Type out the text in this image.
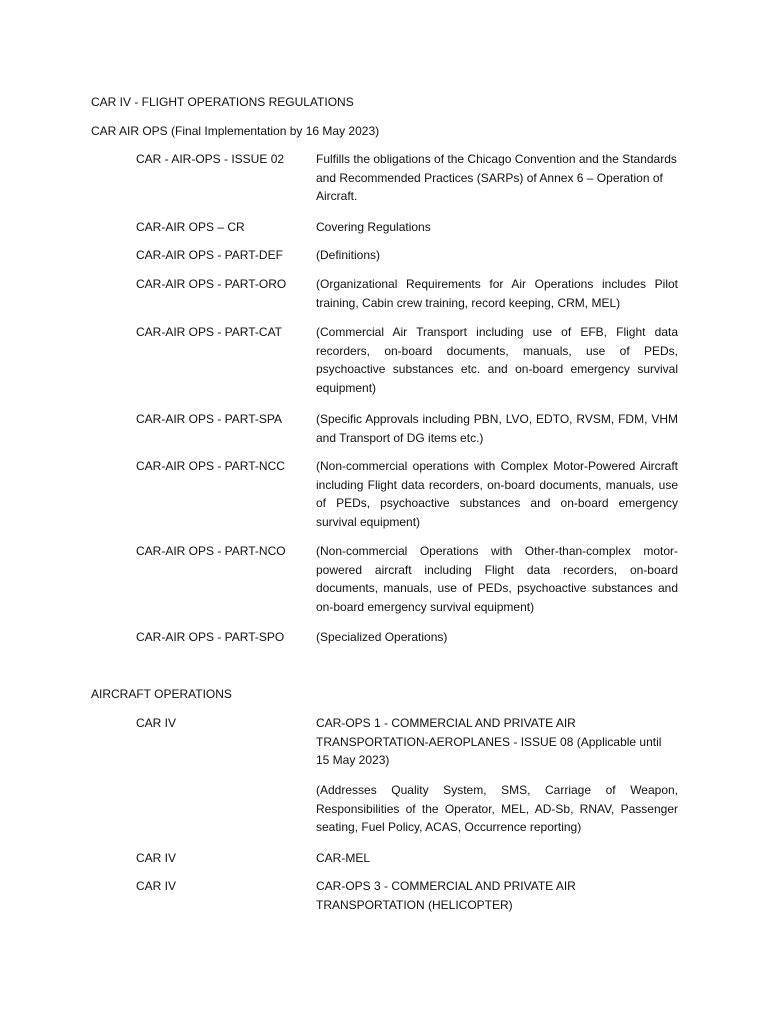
CAR IV - FLIGHT OPERATIONS REGULATIONS
CAR AIR OPS (Final Implementation by 16 May 2023)
CAR - AIR-OPS - ISSUE 02	Fulfills the obligations of the Chicago Convention and the Standards and Recommended Practices (SARPs) of Annex 6 – Operation of Aircraft.
CAR-AIR OPS – CR	Covering Regulations
CAR-AIR OPS - PART-DEF	(Definitions)
CAR-AIR OPS - PART-ORO (Organizational Requirements for Air Operations includes Pilot training, Cabin crew training, record keeping, CRM, MEL)
CAR-AIR OPS - PART-CAT	(Commercial Air Transport including use of EFB, Flight data recorders, on-board documents, manuals, use of PEDs, psychoactive substances etc. and on-board emergency survival equipment)
CAR-AIR OPS - PART-SPA	(Specific Approvals including PBN, LVO, EDTO, RVSM, FDM, VHM and Transport of DG items etc.)
CAR-AIR OPS - PART-NCC	(Non-commercial operations with Complex Motor-Powered Aircraft including Flight data recorders, on-board documents, manuals, use of PEDs, psychoactive substances and on-board emergency survival equipment)
CAR-AIR OPS - PART-NCO	(Non-commercial Operations with Other-than-complex motor-powered aircraft including Flight data recorders, on-board documents, manuals, use of PEDs, psychoactive substances and on-board emergency survival equipment)
CAR-AIR OPS - PART-SPO	(Specialized Operations)
AIRCRAFT OPERATIONS
CAR IV	CAR-OPS 1 - COMMERCIAL AND PRIVATE AIR TRANSPORTATION-AEROPLANES - ISSUE 08 (Applicable until 15 May 2023)
(Addresses Quality System, SMS, Carriage of Weapon, Responsibilities of the Operator, MEL, AD-Sb, RNAV, Passenger seating, Fuel Policy, ACAS, Occurrence reporting)
CAR IV	CAR-MEL
CAR IV	CAR-OPS 3 - COMMERCIAL AND PRIVATE AIR TRANSPORTATION (HELICOPTER)
